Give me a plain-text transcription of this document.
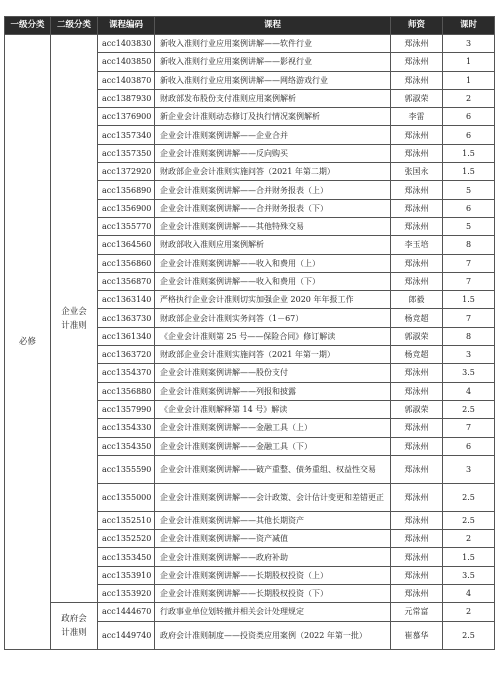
一级分类	二级分类	课程编码	课程	师资	课时
必修	企业会计准则	acc1403830	新收入准则行业应用案例讲解——软件行业	郑泳州	3
		acc1403850	新收入准则行业应用案例讲解——影视行业	郑泳州	1
		acc1403870	新收入准则行业应用案例讲解——网络游戏行业	郑泳州	1
		acc1387930	财政部发布股份支付准则应用案例解析	郭淑荣	2
		acc1376900	新企业会计准则动态修订及执行情况案例解析	李雷	6
		acc1357340	企业会计准则案例讲解——企业合并	郑泳州	6
		acc1357350	企业会计准则案例讲解——反向购买	郑泳州	1.5
		acc1372920	财政部企业会计准则实施问答（2021 年第二期）	张国永	1.5
		acc1356890	企业会计准则案例讲解——合并财务报表（上）	郑泳州	5
		acc1356900	企业会计准则案例讲解——合并财务报表（下）	郑泳州	6
		acc1355770	企业会计准则案例讲解——其他特殊交易	郑泳州	5
		acc1364560	财政部收入准则应用案例解析	李玉培	8
		acc1356860	企业会计准则案例讲解——收入和费用（上）	郑泳州	7
		acc1356870	企业会计准则案例讲解——收入和费用（下）	郑泳州	7
		acc1363140	严格执行企业会计准则切实加强企业 2020 年年报工作	郎毅	1.5
		acc1363730	财政部企业会计准则实务问答（1－67）	杨竞超	7
		acc1361340	《企业会计准则第 25 号——保险合同》修订解读	郭淑荣	8
		acc1363720	财政部企业会计准则实施问答（2021 年第一期）	杨竞超	3
		acc1354370	企业会计准则案例讲解——股份支付	郑泳州	3.5
		acc1356880	企业会计准则案例讲解——列报和披露	郑泳州	4
		acc1357990	《企业会计准则解释第 14 号》解读	郭淑荣	2.5
		acc1354330	企业会计准则案例讲解——金融工具（上）	郑泳州	7
		acc1354350	企业会计准则案例讲解——金融工具（下）	郑泳州	6
		acc1355590	企业会计准则案例讲解——破产重整、债务重组、权益性交易	郑泳州	3
		acc1355000	企业会计准则案例讲解——会计政策、会计估计变更和差错更正	郑泳州	2.5
		acc1352510	企业会计准则案例讲解——其他长期资产	郑泳州	2.5
		acc1352520	企业会计准则案例讲解——资产减值	郑泳州	2
		acc1353450	企业会计准则案例讲解——政府补助	郑泳州	1.5
		acc1353910	企业会计准则案例讲解——长期股权投资（上）	郑泳州	3.5
		acc1353920	企业会计准则案例讲解——长期股权投资（下）	郑泳州	4

	政府会计准则	acc1444670	行政事业单位划转撤并相关会计处理规定	元常富	2
		acc1449740	政府会计准则制度——投资类应用案例（2022 年第一批）	崔慕华	2.5
